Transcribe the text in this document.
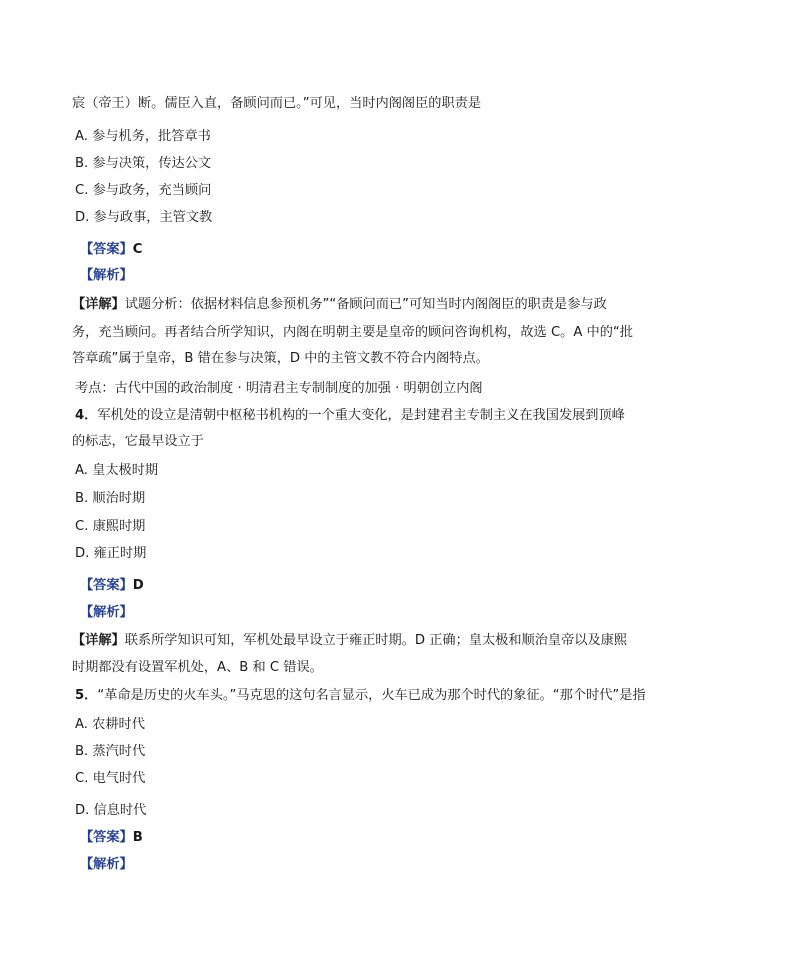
宸（帝王）断。儒臣入直，备顾问而已。”可见，当时内阁阁臣的职责是
A. 参与机务，批答章书
B. 参与决策，传达公文
C. 参与政务，充当顾问
D. 参与政事，主管文教
【答案】C
【解析】
【详解】试题分析：依据材料信息参预机务”“备顾问而已”可知当时内阁阁臣的职责是参与政
务，充当顾问。再者结合所学知识，内阁在明朝主要是皇帝的顾问咨询机构，故选 C。A 中的“批
答章疏”属于皇帝，B 错在参与决策，D 中的主管文教不符合内阁特点。
考点：古代中国的政治制度 · 明清君主专制制度的加强 · 明朝创立内阁
4．军机处的设立是清朝中枢秘书机构的一个重大变化，是封建君主专制主义在我国发展到顶峰
的标志，它最早设立于
A. 皇太极时期
B. 顺治时期
C. 康熙时期
D. 雍正时期
【答案】D
【解析】
【详解】联系所学知识可知，军机处最早设立于雍正时期。D 正确；皇太极和顺治皇帝以及康熙
时期都没有设置军机处，A、B 和 C 错误。
5．“革命是历史的火车头。”马克思的这句名言显示，火车已成为那个时代的象征。“那个时代”是指
A. 农耕时代
B. 蒸汽时代
C. 电气时代
D. 信息时代
【答案】B
【解析】
